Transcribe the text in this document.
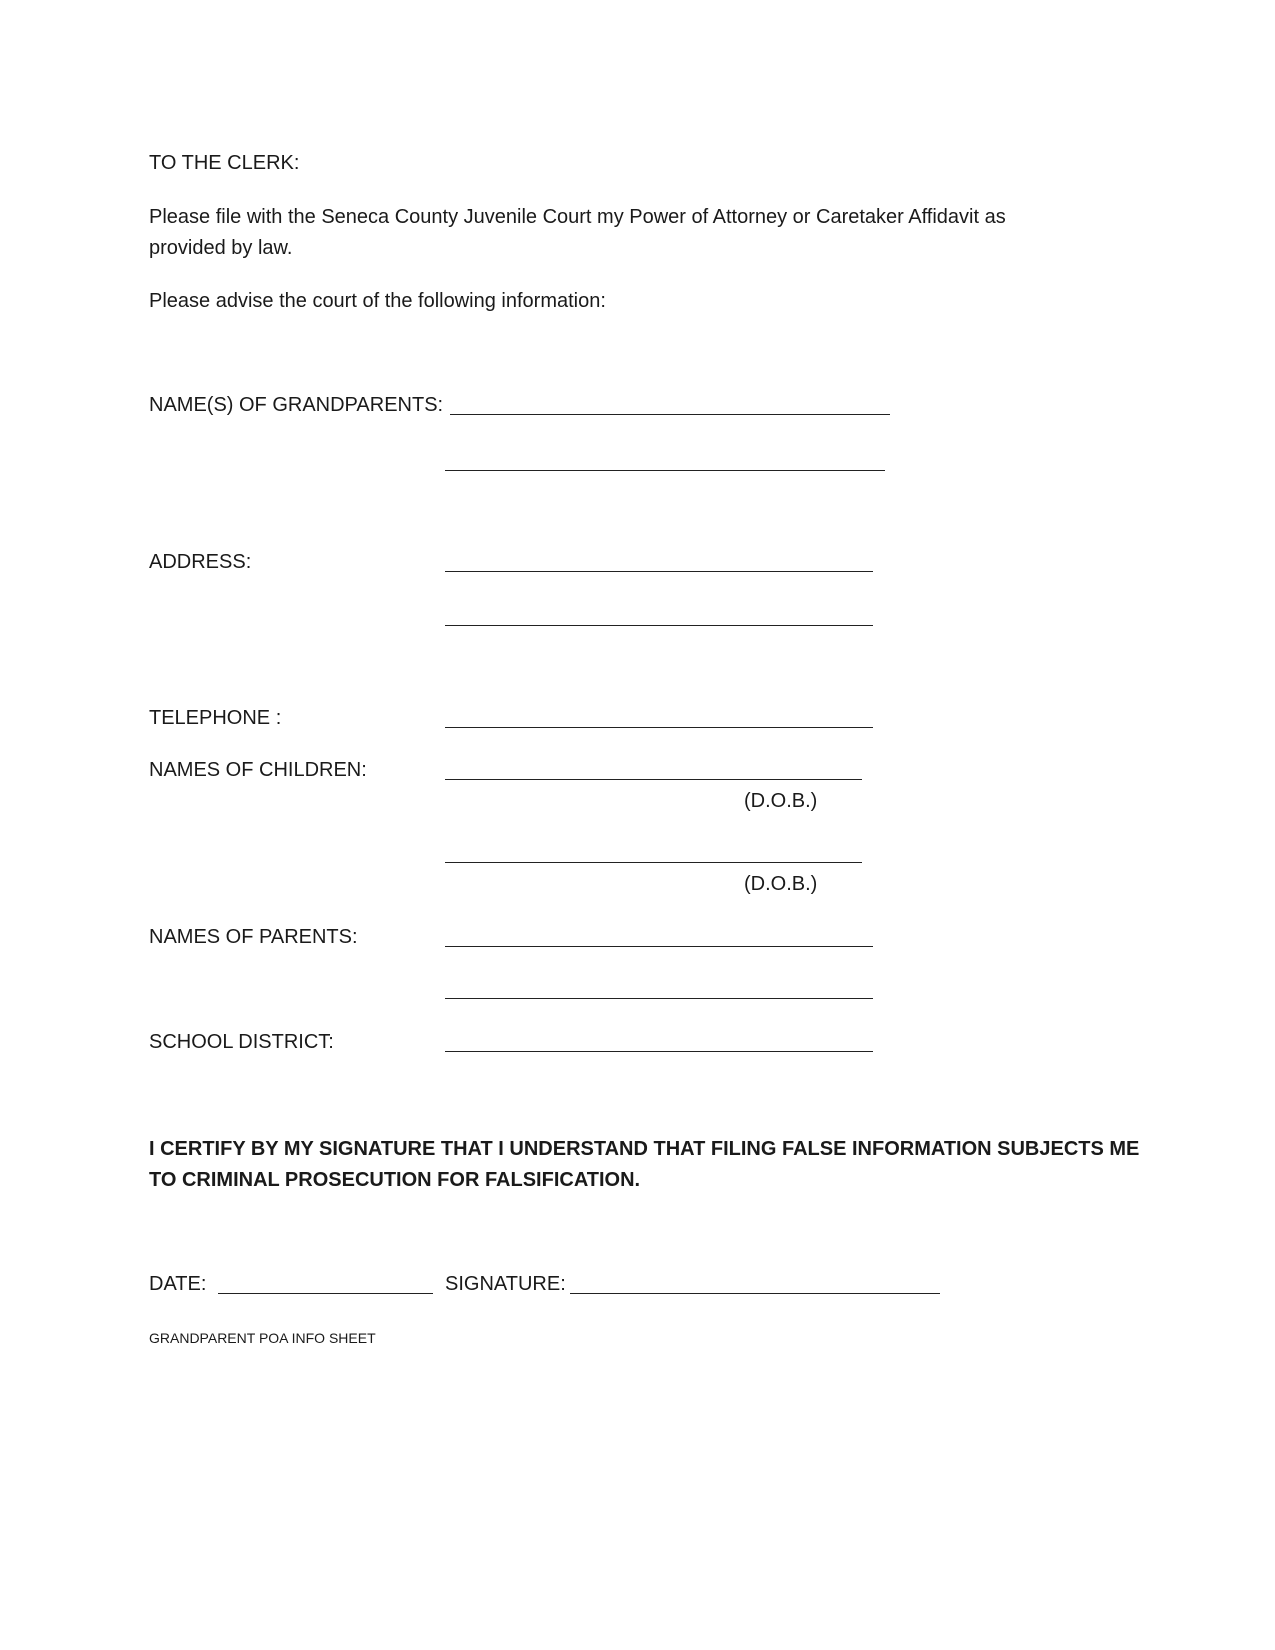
TO THE CLERK:
Please file with the Seneca County Juvenile Court my Power of Attorney or Caretaker Affidavit as provided by law.
Please advise the court of the following information:
NAME(S) OF GRANDPARENTS:
ADDRESS:
TELEPHONE :
NAMES OF CHILDREN:
(D.O.B.)
(D.O.B.)
NAMES OF PARENTS:
SCHOOL DISTRICT:
I CERTIFY BY MY SIGNATURE THAT I UNDERSTAND THAT FILING FALSE INFORMATION SUBJECTS ME TO CRIMINAL PROSECUTION FOR FALSIFICATION.
DATE:	SIGNATURE:
GRANDPARENT POA INFO SHEET
